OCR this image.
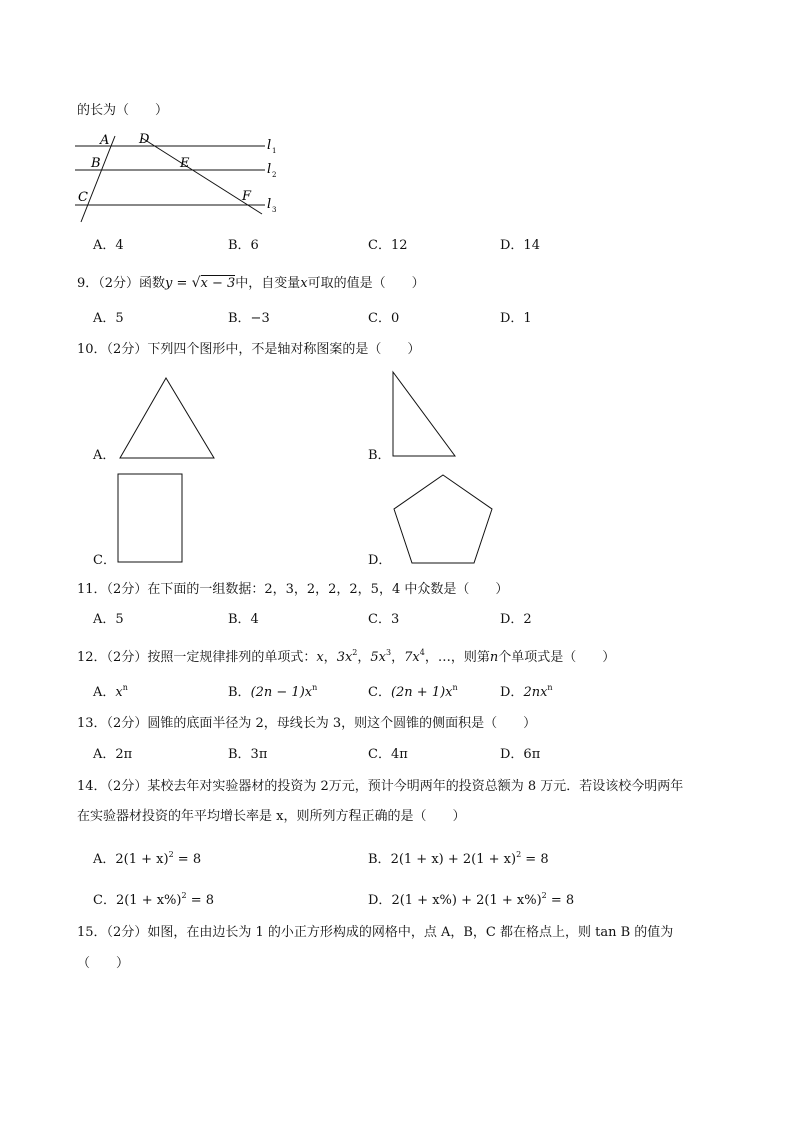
的长为（　　）
A D
B	E
C	F
l 1
l 2
l 3
A．4	B．6	C．12	D．14
9．（2分）函数y = √x − 3中，自变量x可取的值是（　　）
A．5	B．−3	C．0	D．1
10．（2分）下列四个图形中，不是轴对称图案的是（　　）
A．	B．
C．	D．
11．（2分）在下面的一组数据：2，3，2，2，2，5，4 中众数是（　　）
A．5	B．4	C．3	D．2
12．（2分）按照一定规律排列的单项式：x，$3x^2$，$5x^3$，$7x^4$，…，则第n个单项式是（　　）
A．$x^n$	B．$(2n - 1)x^n$	C．$(2n + 1)x^n$	D．$2nx^n$
13．（2分）圆锥的底面半径为 2，母线长为 3，则这个圆锥的侧面积是（　　）
A．2π	B．3π	C．4π	D．6π
14．（2分）某校去年对实验器材的投资为 2万元，预计今明两年的投资总额为 8 万元．若设该校今明两年
在实验器材投资的年平均增长率是 x，则所列方程正确的是（　　）
A．$2(1 + x)^2 = 8$	B．$2(1 + x) + 2(1 + x)^2 = 8$
C．$2(1 + x\%)^2 = 8$	D．$2(1 + x\%) + 2(1 + x\%)^2 = 8$
15．（2分）如图，在由边长为 1 的小正方形构成的网格中，点 A，B，C 都在格点上，则 tan B 的值为
（　　）
